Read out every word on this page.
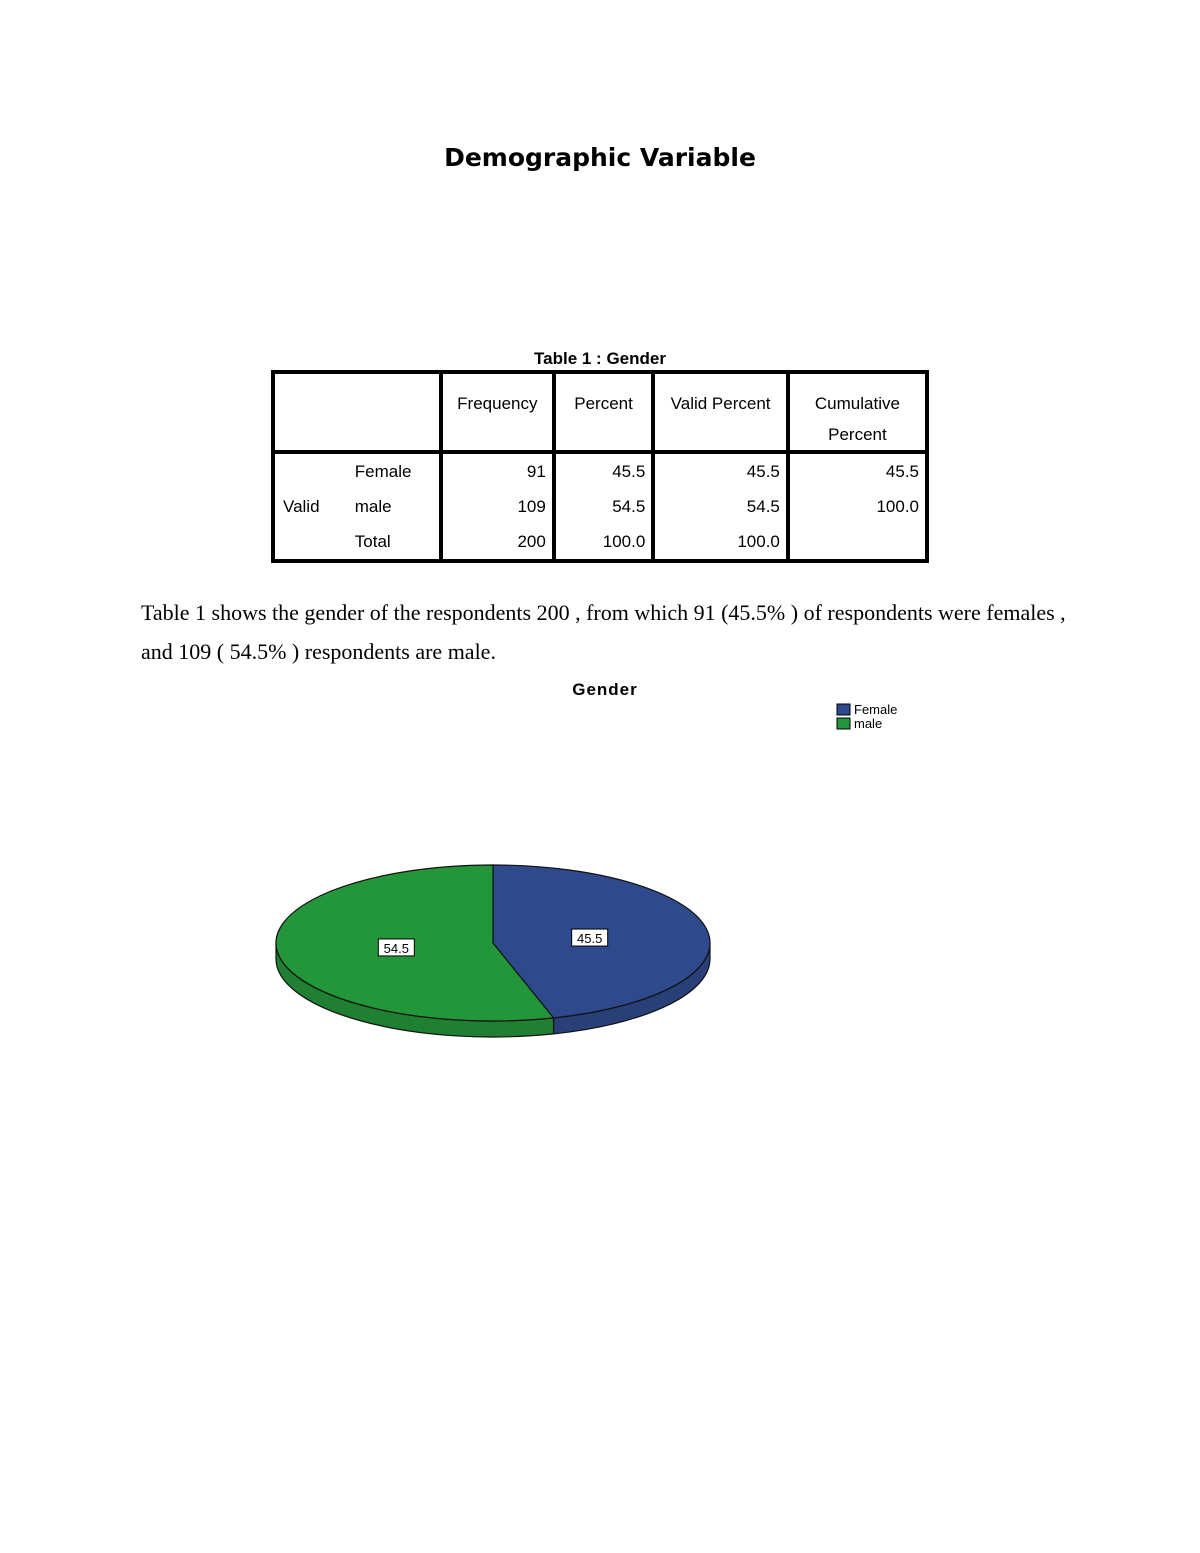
Demographic Variable
Table 1 : Gender
		Frequency	Percent	Valid Percent	Cumulative
Percent
Valid	Female	91	45.5	45.5	45.5
	male	109	54.5	54.5	100.0
	Total	200	100.0	100.0	

Table 1 shows the gender of the respondents 200 , from which 91 (45.5% ) of respondents were females , and 109 ( 54.5% ) respondents are male.

Gender
Female
male
45.5
54.5
